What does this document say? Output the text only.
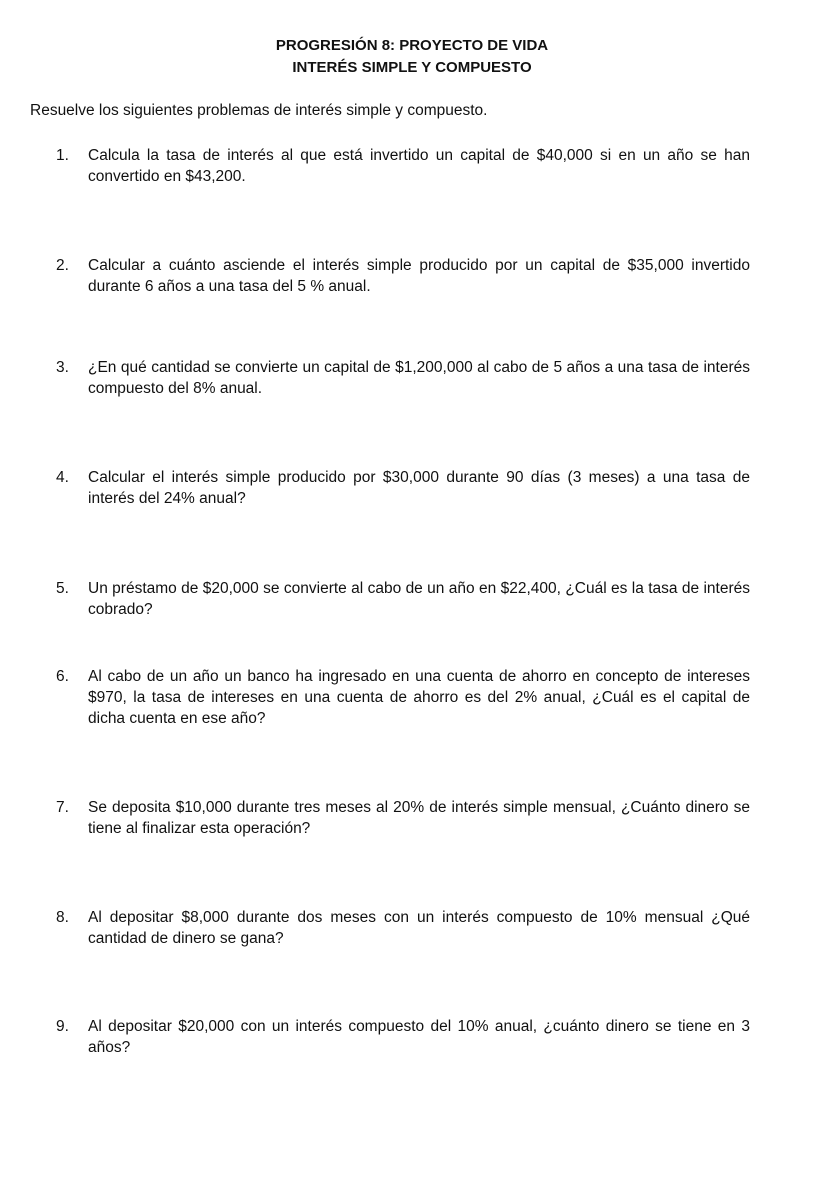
PROGRESIÓN 8: PROYECTO DE VIDA
INTERÉS SIMPLE Y COMPUESTO

Resuelve los siguientes problemas de interés simple y compuesto.

1.	Calcula la tasa de interés al que está invertido un capital de $40,000 si en un año se han convertido en $43,200.
2.	Calcular a cuánto asciende el interés simple producido por un capital de $35,000 invertido durante 6 años a una tasa del 5 % anual.
3.	¿En qué cantidad se convierte un capital de $1,200,000 al cabo de 5 años a una tasa de interés compuesto del 8% anual.
4.	Calcular el interés simple producido por $30,000 durante 90 días (3 meses) a una tasa de interés del 24% anual?
5.	Un préstamo de $20,000 se convierte al cabo de un año en $22,400, ¿Cuál es la tasa de interés cobrado?
6.	Al cabo de un año un banco ha ingresado en una cuenta de ahorro en concepto de intereses $970, la tasa de intereses en una cuenta de ahorro es del 2% anual, ¿Cuál es el capital de dicha cuenta en ese año?
7.	Se deposita $10,000 durante tres meses al 20% de interés simple mensual, ¿Cuánto dinero se tiene al finalizar esta operación?
8.	Al depositar $8,000 durante dos meses con un interés compuesto de 10% mensual ¿Qué cantidad de dinero se gana?
9.	Al depositar $20,000 con un interés compuesto del 10% anual, ¿cuánto dinero se tiene en 3 años?
